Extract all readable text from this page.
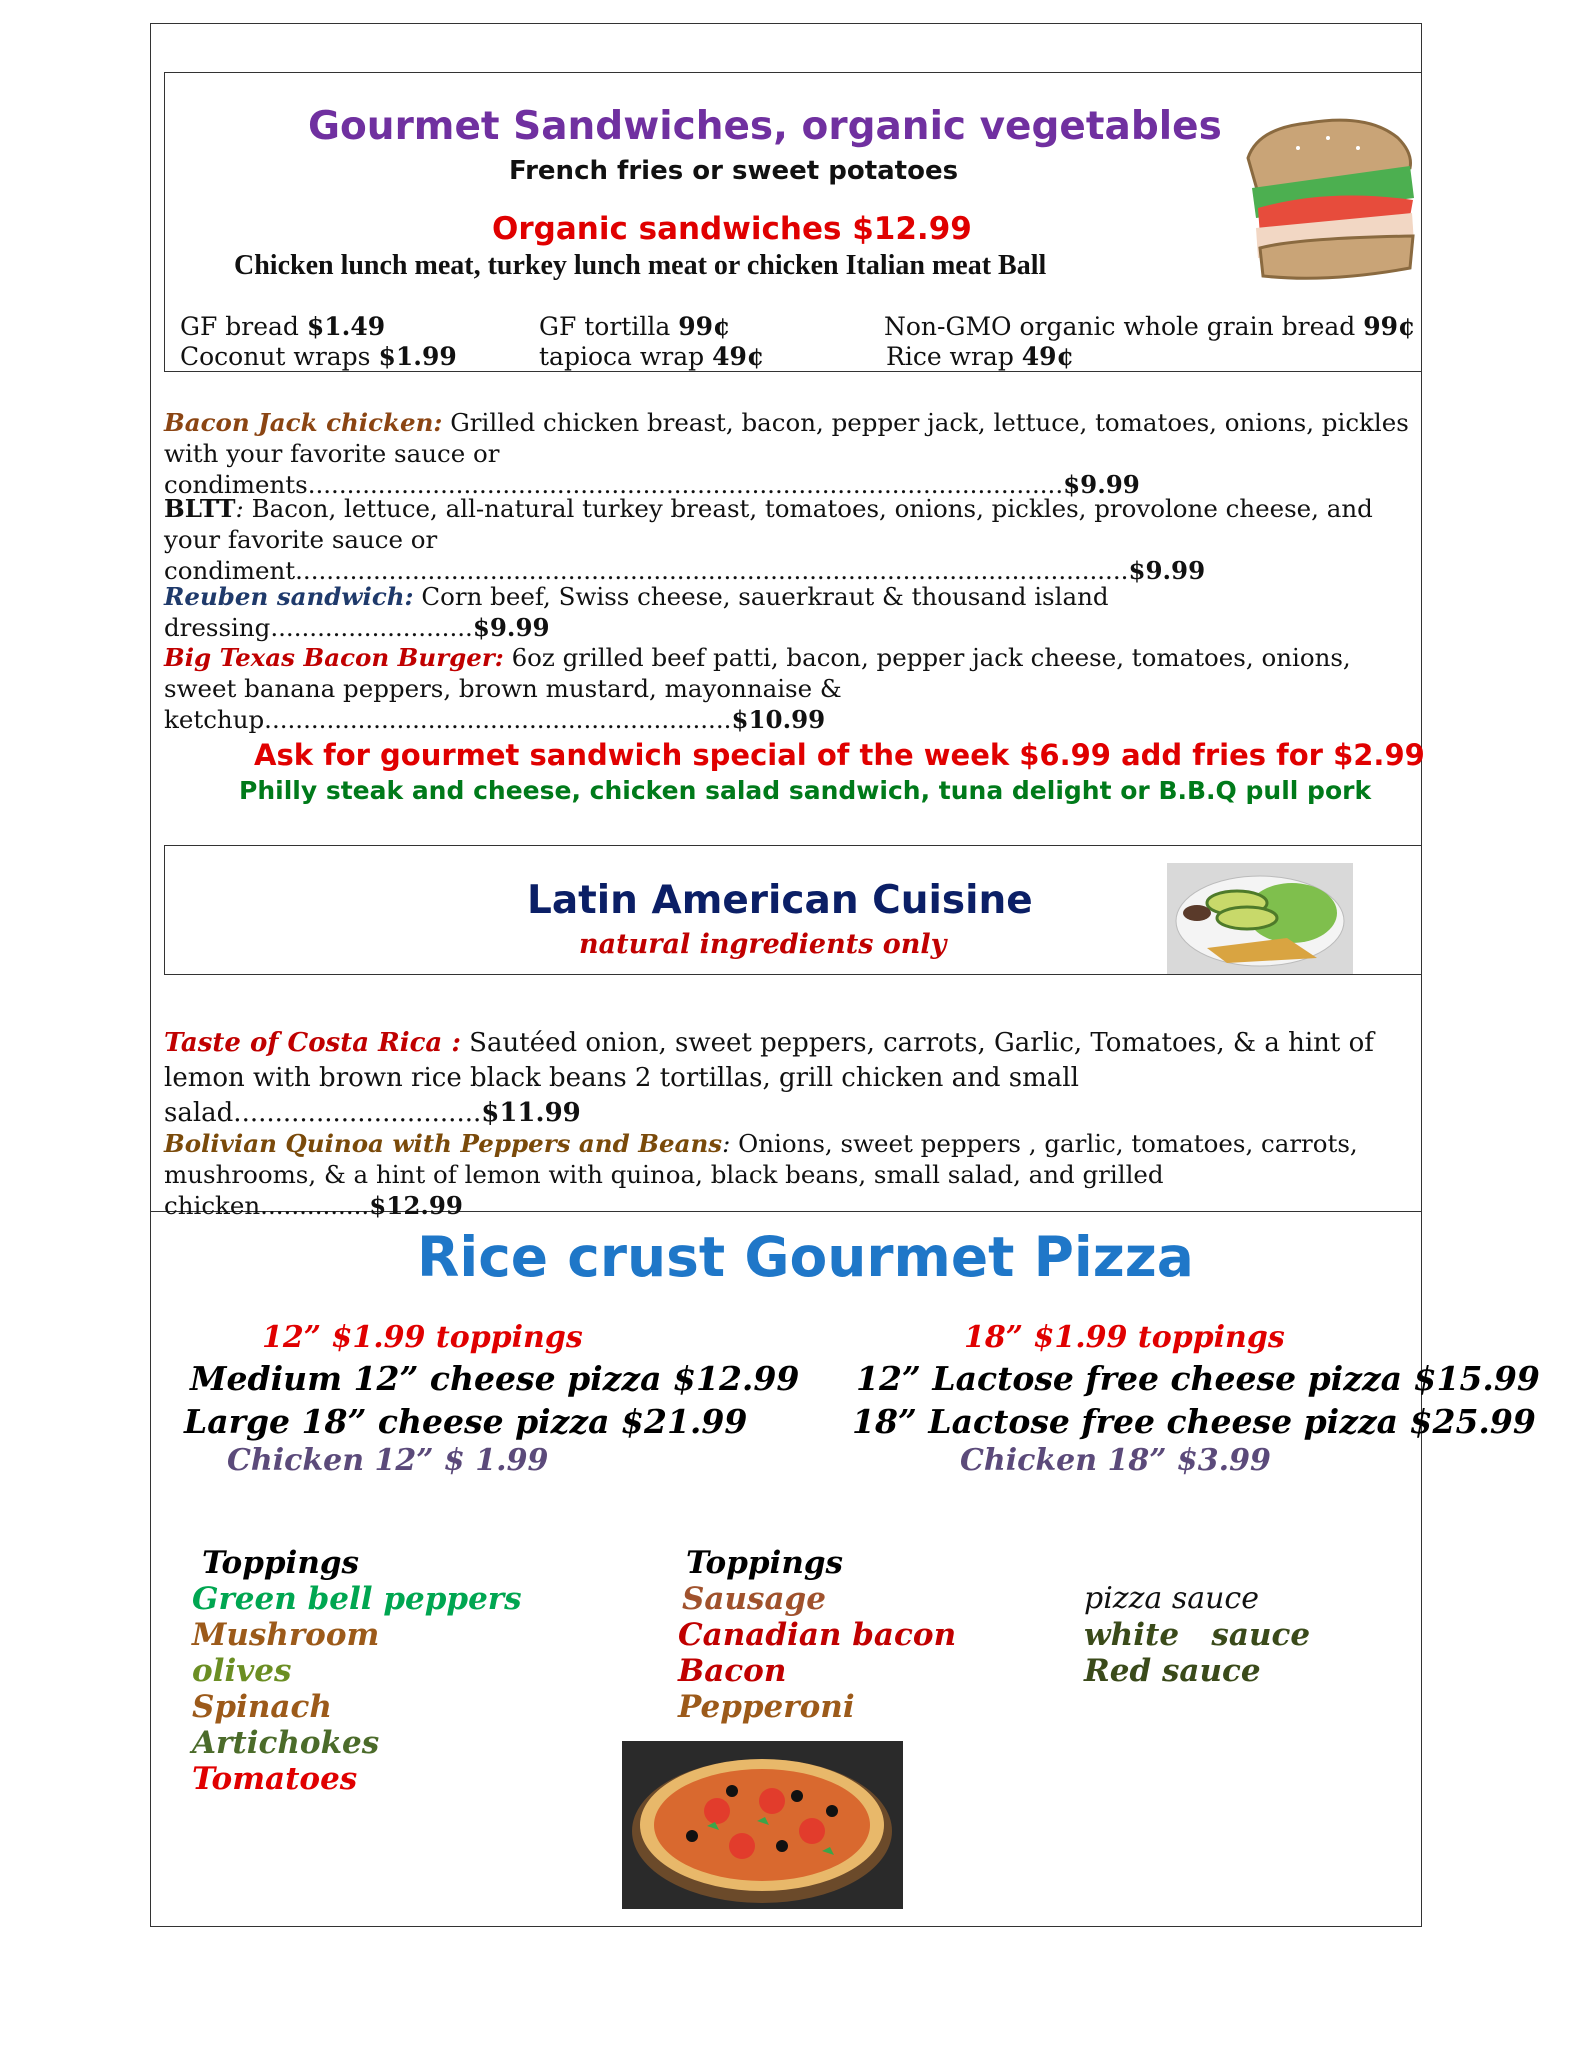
Gourmet Sandwiches, organic vegetables
French fries or sweet potatoes
Organic sandwiches $12.99
Chicken lunch meat, turkey lunch meat or chicken Italian meat Ball
GF bread $1.49	GF tortilla 99¢	Non-GMO organic whole grain bread 99¢
Coconut wraps $1.99	tapioca wrap 49¢	Rice wrap 49¢
Bacon Jack chicken: Grilled chicken breast, bacon, pepper jack, lettuce, tomatoes, onions, pickles with your favorite sauce or condiments.................................................................................................$9.99
BLTT: Bacon, lettuce, all-natural turkey breast, tomatoes, onions, pickles, provolone cheese, and your favorite sauce or condiment...........................................................................................................$9.99
Reuben sandwich: Corn beef, Swiss cheese, sauerkraut & thousand island dressing..........................$9.99
Big Texas Bacon Burger: 6oz grilled beef patti, bacon, pepper jack cheese, tomatoes, onions, sweet banana peppers, brown mustard, mayonnaise & ketchup............................................................$10.99
Ask for gourmet sandwich special of the week $6.99 add fries for $2.99
Philly steak and cheese, chicken salad sandwich, tuna delight or B.B.Q pull pork
Latin American Cuisine
natural ingredients only
Taste of Costa Rica : Sautéed onion, sweet peppers, carrots, Garlic, Tomatoes, & a hint of lemon with brown rice black beans 2 tortillas, grill chicken and small salad..............................$11.99
Bolivian Quinoa with Peppers and Beans: Onions, sweet peppers , garlic, tomatoes, carrots, mushrooms, & a hint of lemon with quinoa, black beans, small salad, and grilled chicken..............$12.99
Rice crust Gourmet Pizza
12” $1.99 toppings
Medium 12” cheese pizza $12.99
Large 18” cheese pizza $21.99
Chicken 12” $ 1.99
18” $1.99 toppings
12” Lactose free cheese pizza $15.99
18” Lactose free cheese pizza $25.99
Chicken 18” $3.99
Toppings
Green bell peppers
Mushroom
olives
Spinach
Artichokes
Tomatoes
Toppings
Sausage
Canadian bacon
Bacon
Pepperoni
pizza sauce
white   sauce
Red sauce
